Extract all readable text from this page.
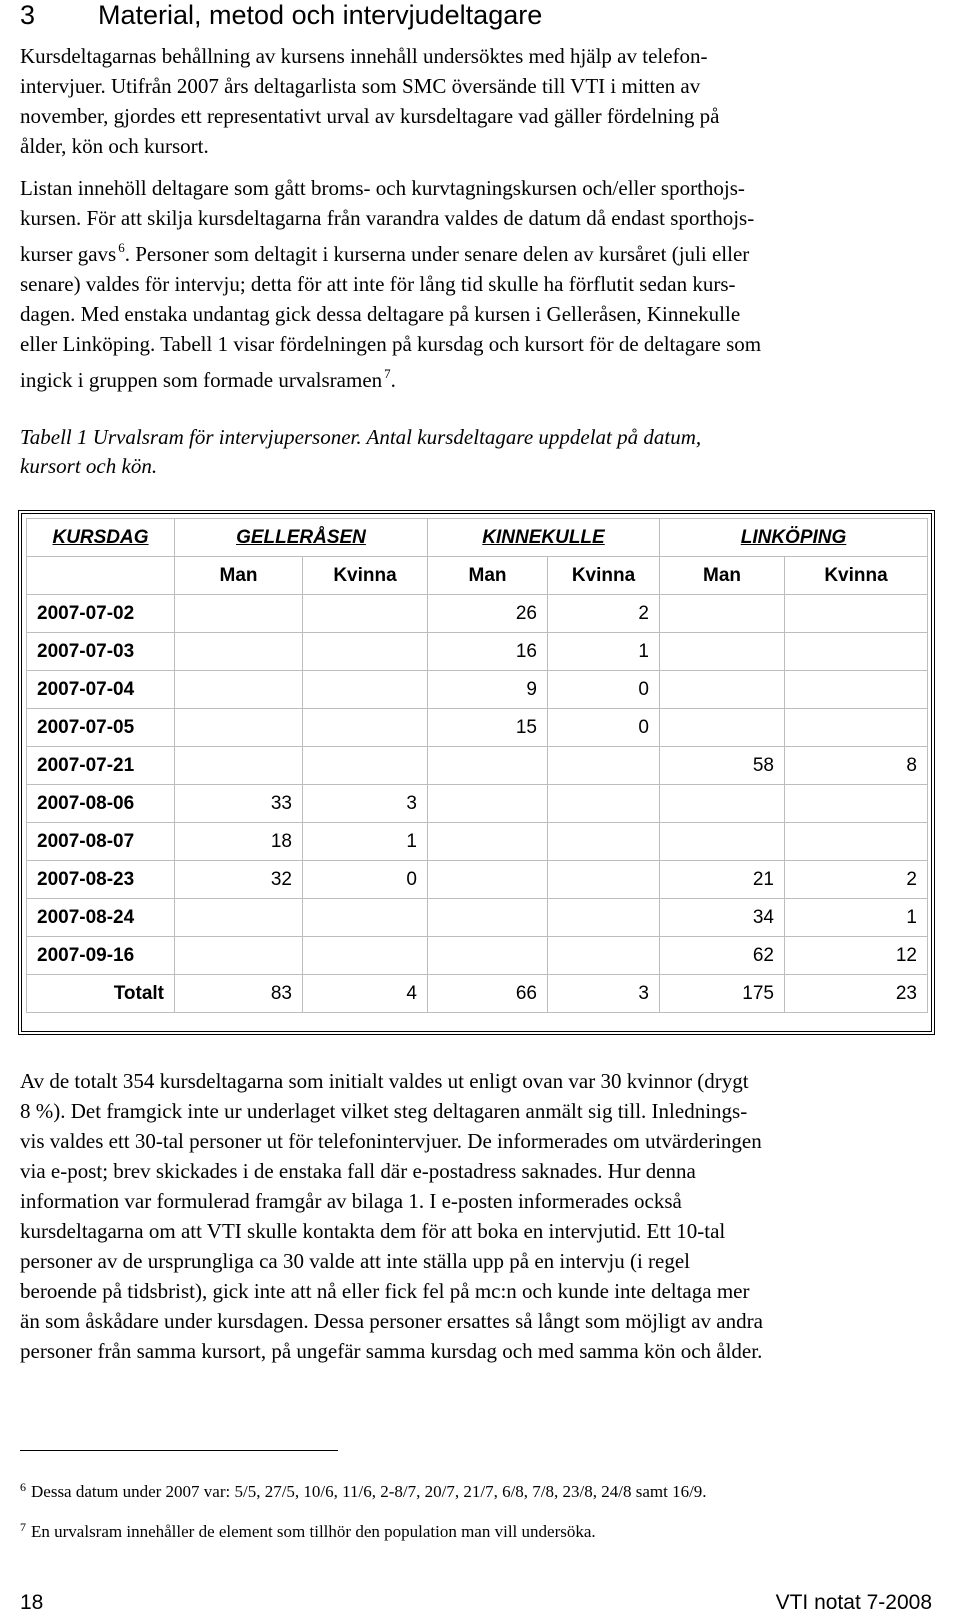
3 Material, metod och intervjudeltagare

Kursdeltagarnas behållning av kursens innehåll undersöktes med hjälp av telefon-
intervjuer. Utifrån 2007 års deltagarlista som SMC översände till VTI i mitten av
november, gjordes ett representativt urval av kursdeltagare vad gäller fördelning på
ålder, kön och kursort.

Listan innehöll deltagare som gått broms- och kurvtagningskursen och/eller sporthojs-
kursen. För att skilja kursdeltagarna från varandra valdes de datum då endast sporthojs-
kurser gavs $^6$. Personer som deltagit i kurserna under senare delen av kursåret (juli eller
senare) valdes för intervju; detta för att inte för lång tid skulle ha förflutit sedan kurs-
dagen. Med enstaka undantag gick dessa deltagare på kursen i Gelleråsen, Kinnekulle
eller Linköping. Tabell 1 visar fördelningen på kursdag och kursort för de deltagare som
ingick i gruppen som formade urvalsramen $^7$.

Tabell 1 Urvalsram för intervjupersoner. Antal kursdeltagare uppdelat på datum,
kursort och kön.
KURSDAG	GELLERÅSEN		KINNEKULLE		LINKÖPING	
	Man	Kvinna	Man	Kvinna	Man	Kvinna
2007-07-02			26	2		
2007-07-03			16	1		
2007-07-04			9	0		
2007-07-05			15	0		
2007-07-21					58	8
2007-08-06	33	3				
2007-08-07	18	1				
2007-08-23	32	0			21	2
2007-08-24					34	1
2007-09-16					62	12
Totalt	83	4	66	3	175	23

Av de totalt 354 kursdeltagarna som initialt valdes ut enligt ovan var 30 kvinnor (drygt
8 %). Det framgick inte ur underlaget vilket steg deltagaren anmält sig till. Inlednings-
vis valdes ett 30-tal personer ut för telefonintervjuer. De informerades om utvärderingen
via e-post; brev skickades i de enstaka fall där e-postadress saknades. Hur denna
information var formulerad framgår av bilaga 1. I e-posten informerades också
kursdeltagarna om att VTI skulle kontakta dem för att boka en intervjutid. Ett 10-tal
personer av de ursprungliga ca 30 valde att inte ställa upp på en intervju (i regel
beroende på tidsbrist), gick inte att nå eller fick fel på mc:n och kunde inte deltaga mer
än som åskådare under kursdagen. Dessa personer ersattes så långt som möjligt av andra
personer från samma kursort, på ungefär samma kursdag och med samma kön och ålder.

$^6$ Dessa datum under 2007 var: 5/5, 27/5, 10/6, 11/6, 2-8/7, 20/7, 21/7, 6/8, 7/8, 23/8, 24/8 samt 16/9.
$^7$ En urvalsram innehåller de element som tillhör den population man vill undersöka.
18	VTI notat 7-2008
